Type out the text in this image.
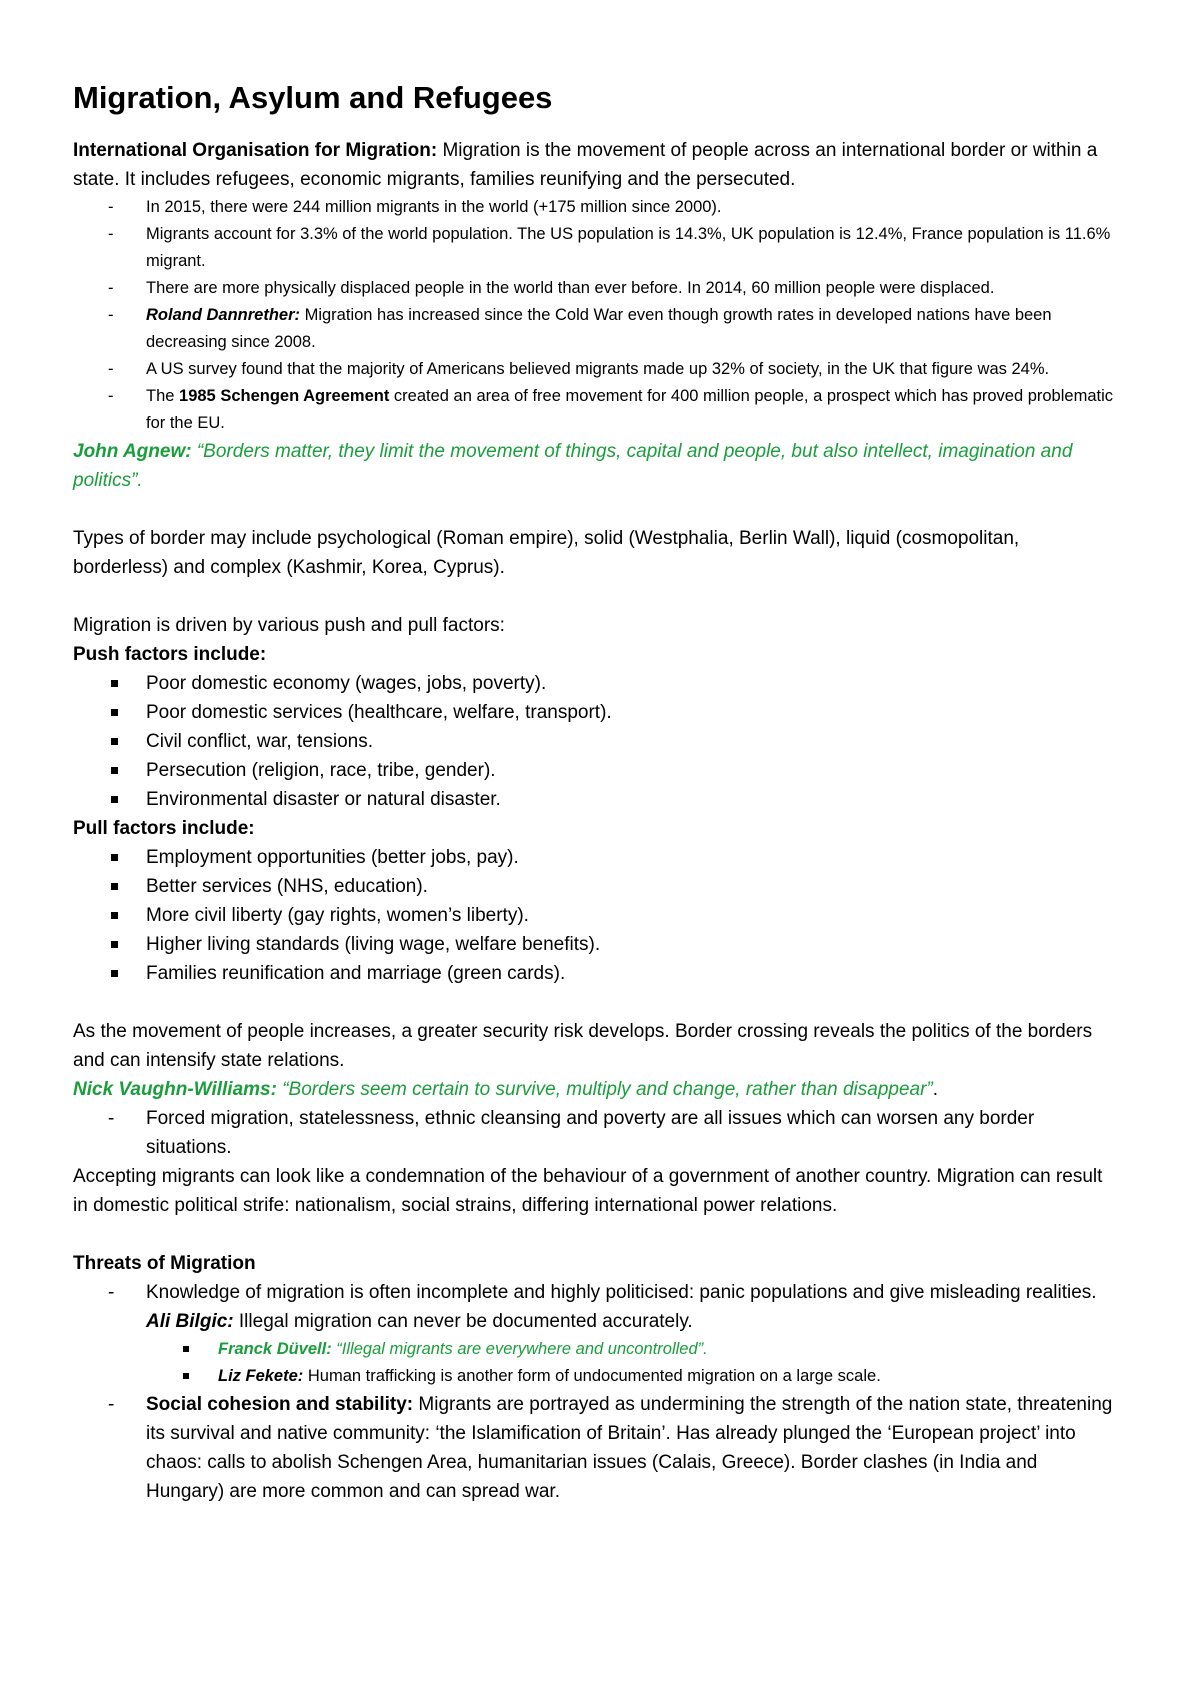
Migration, Asylum and Refugees

International Organisation for Migration: Migration is the movement of people across an international border or within a state. It includes refugees, economic migrants, families reunifying and the persecuted.

- In 2015, there were 244 million migrants in the world (+175 million since 2000).
- Migrants account for 3.3% of the world population. The US population is 14.3%, UK population is 12.4%, France population is 11.6% migrant.
- There are more physically displaced people in the world than ever before. In 2014, 60 million people were displaced.
- Roland Dannrether: Migration has increased since the Cold War even though growth rates in developed nations have been decreasing since 2008.
- A US survey found that the majority of Americans believed migrants made up 32% of society, in the UK that figure was 24%.
- The 1985 Schengen Agreement created an area of free movement for 400 million people, a prospect which has proved problematic for the EU.

John Agnew: “Borders matter, they limit the movement of things, capital and people, but also intellect, imagination and politics”.

Types of border may include psychological (Roman empire), solid (Westphalia, Berlin Wall), liquid (cosmopolitan, borderless) and complex (Kashmir, Korea, Cyprus).

Migration is driven by various push and pull factors:

Push factors include:

Poor domestic economy (wages, jobs, poverty).
Poor domestic services (healthcare, welfare, transport).
Civil conflict, war, tensions.
Persecution (religion, race, tribe, gender).
Environmental disaster or natural disaster.

Pull factors include:

Employment opportunities (better jobs, pay).
Better services (NHS, education).
More civil liberty (gay rights, women’s liberty).
Higher living standards (living wage, welfare benefits).
Families reunification and marriage (green cards).

As the movement of people increases, a greater security risk develops. Border crossing reveals the politics of the borders and can intensify state relations.

Nick Vaughn-Williams: “Borders seem certain to survive, multiply and change, rather than disappear”.

- Forced migration, statelessness, ethnic cleansing and poverty are all issues which can worsen any border situations.

Accepting migrants can look like a condemnation of the behaviour of a government of another country. Migration can result in domestic political strife: nationalism, social strains, differing international power relations.

Threats of Migration

- Knowledge of migration is often incomplete and highly politicised: panic populations and give misleading realities. Ali Bilgic: Illegal migration can never be documented accurately.
Franck Düvell: “Illegal migrants are everywhere and uncontrolled”.
Liz Fekete: Human trafficking is another form of undocumented migration on a large scale.
- Social cohesion and stability: Migrants are portrayed as undermining the strength of the nation state, threatening its survival and native community: ‘the Islamification of Britain’. Has already plunged the ‘European project’ into chaos: calls to abolish Schengen Area, humanitarian issues (Calais, Greece). Border clashes (in India and Hungary) are more common and can spread war.
